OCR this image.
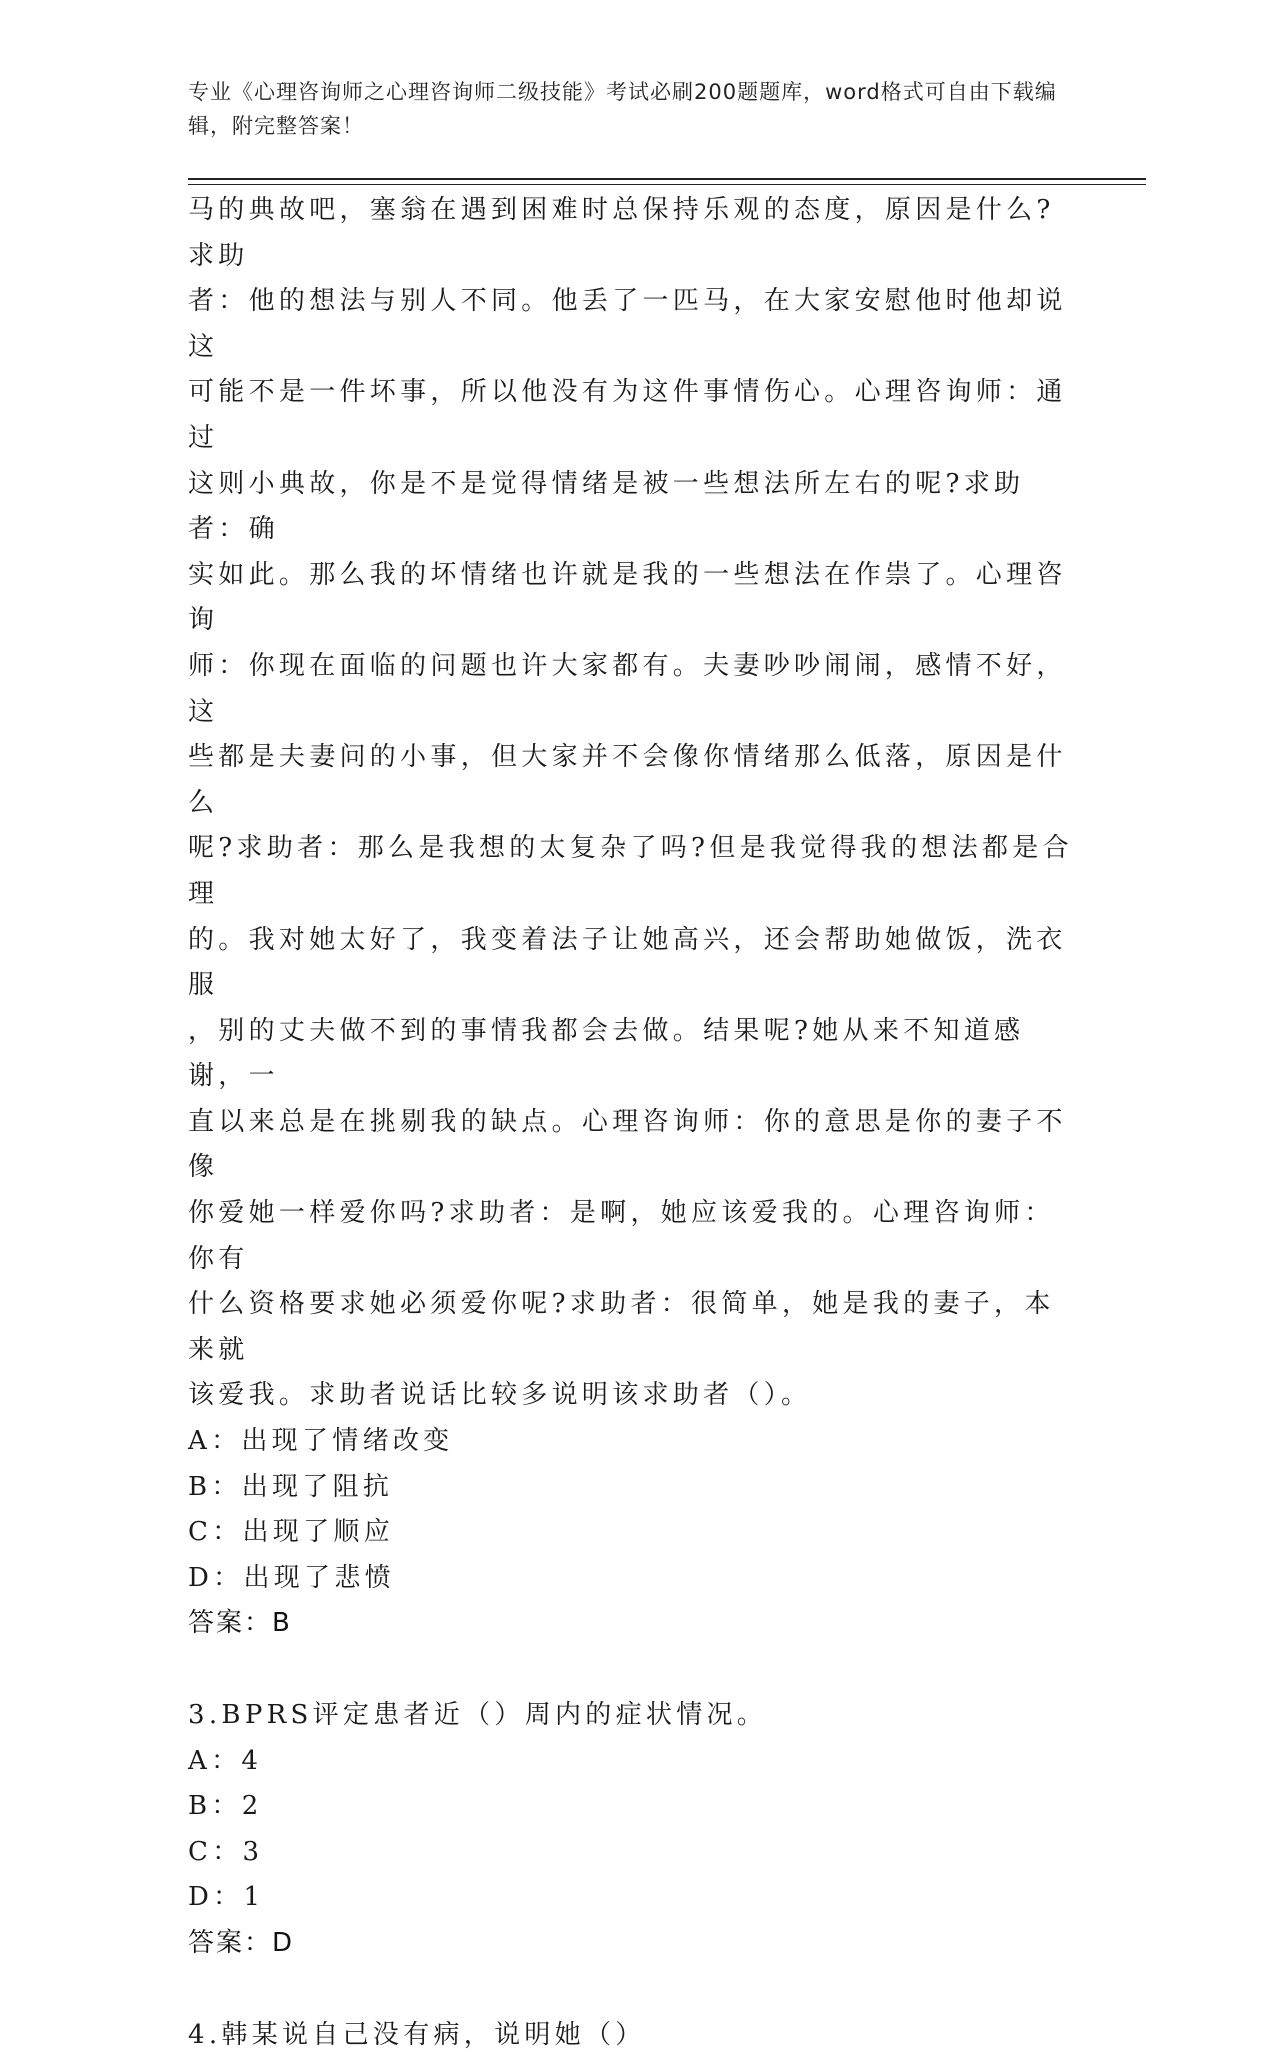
专业《心理咨询师之心理咨询师二级技能》考试必刷200题题库，word格式可自由下载编辑，附完整答案！

马的典故吧，塞翁在遇到困难时总保持乐观的态度，原因是什么?求助
者：他的想法与别人不同。他丢了一匹马，在大家安慰他时他却说这
可能不是一件坏事，所以他没有为这件事情伤心。心理咨询师：通过
这则小典故，你是不是觉得情绪是被一些想法所左右的呢?求助者：确
实如此。那么我的坏情绪也许就是我的一些想法在作祟了。心理咨询
师：你现在面临的问题也许大家都有。夫妻吵吵闹闹，感情不好，这
些都是夫妻问的小事，但大家并不会像你情绪那么低落，原因是什么
呢?求助者：那么是我想的太复杂了吗?但是我觉得我的想法都是合理
的。我对她太好了，我变着法子让她高兴，还会帮助她做饭，洗衣服
，别的丈夫做不到的事情我都会去做。结果呢?她从来不知道感谢，一
直以来总是在挑剔我的缺点。心理咨询师：你的意思是你的妻子不像
你爱她一样爱你吗?求助者：是啊，她应该爱我的。心理咨询师：你有
什么资格要求她必须爱你呢?求助者：很简单，她是我的妻子，本来就
该爱我。求助者说话比较多说明该求助者（）。

A：出现了情绪改变

B：出现了阻抗

C：出现了顺应

D：出现了悲愤

答案：B

3.BPRS评定患者近（）周内的症状情况。

A：4

B：2

C：3

D：1

答案：D

4.韩某说自己没有病，说明她（）
